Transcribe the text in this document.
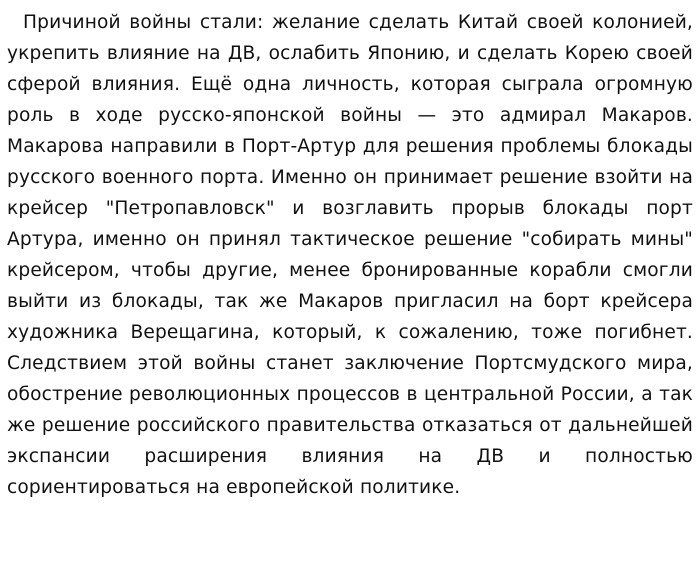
Причиной войны стали: желание сделать Китай своей колонией, укрепить влияние на ДВ, ослабить Японию, и сделать Корею своей сферой влияния. Ещё одна личность, которая сыграла огромную роль в ходе русско-японской войны — это адмирал Макаров. Макарова направили в Порт-Артур для решения проблемы блокады русского военного порта. Именно он принимает решение взойти на крейсер "Петропавловск" и возглавить прорыв блокады порт Артура, именно он принял тактическое решение "собирать мины" крейсером, чтобы другие, менее бронированные корабли смогли выйти из блокады, так же Макаров пригласил на борт крейсера художника Верещагина, который, к сожалению, тоже погибнет. Следствием этой войны станет заключение Портсмудского мира, обострение революционных процессов в центральной России, а так же решение российского правительства отказаться от дальнейшей экспансии расширения влияния на ДВ и полностью сориентироваться на европейской политике.
